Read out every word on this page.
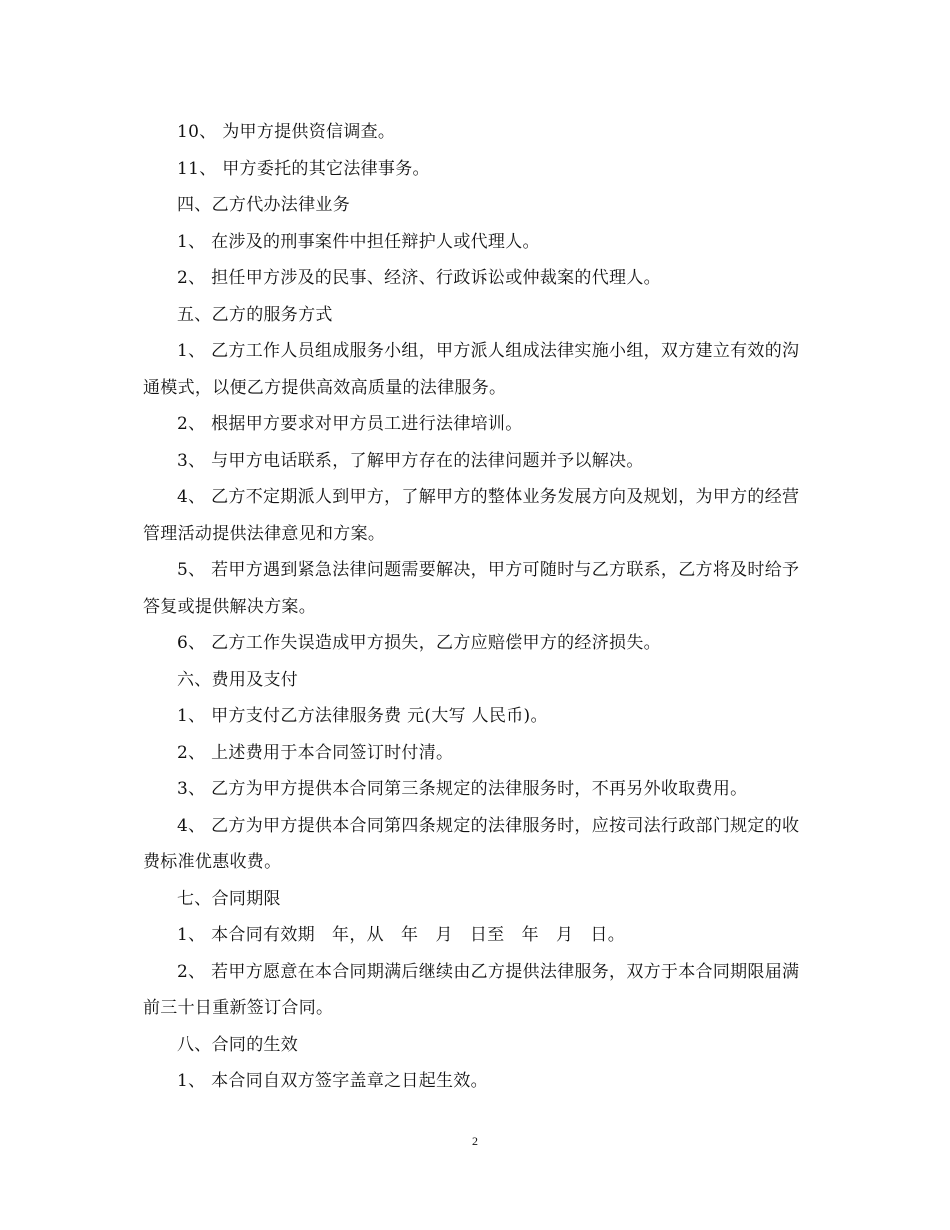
10、 为甲方提供资信调查。

11、 甲方委托的其它法律事务。

四、乙方代办法律业务

1、 在涉及的刑事案件中担任辩护人或代理人。

2、 担任甲方涉及的民事、经济、行政诉讼或仲裁案的代理人。

五、乙方的服务方式

1、 乙方工作人员组成服务小组，甲方派人组成法律实施小组，双方建立有效的沟通模式，以便乙方提供高效高质量的法律服务。

2、 根据甲方要求对甲方员工进行法律培训。

3、 与甲方电话联系，了解甲方存在的法律问题并予以解决。

4、 乙方不定期派人到甲方，了解甲方的整体业务发展方向及规划，为甲方的经营管理活动提供法律意见和方案。

5、 若甲方遇到紧急法律问题需要解决，甲方可随时与乙方联系，乙方将及时给予答复或提供解决方案。

6、 乙方工作失误造成甲方损失，乙方应赔偿甲方的经济损失。

六、费用及支付

1、 甲方支付乙方法律服务费 元(大写 人民币)。

2、 上述费用于本合同签订时付清。

3、 乙方为甲方提供本合同第三条规定的法律服务时，不再另外收取费用。

4、 乙方为甲方提供本合同第四条规定的法律服务时，应按司法行政部门规定的收费标准优惠收费。

七、合同期限

1、 本合同有效期   年，从   年   月   日至   年   月   日。

2、 若甲方愿意在本合同期满后继续由乙方提供法律服务，双方于本合同期限届满前三十日重新签订合同。

八、合同的生效

1、 本合同自双方签字盖章之日起生效。

2
